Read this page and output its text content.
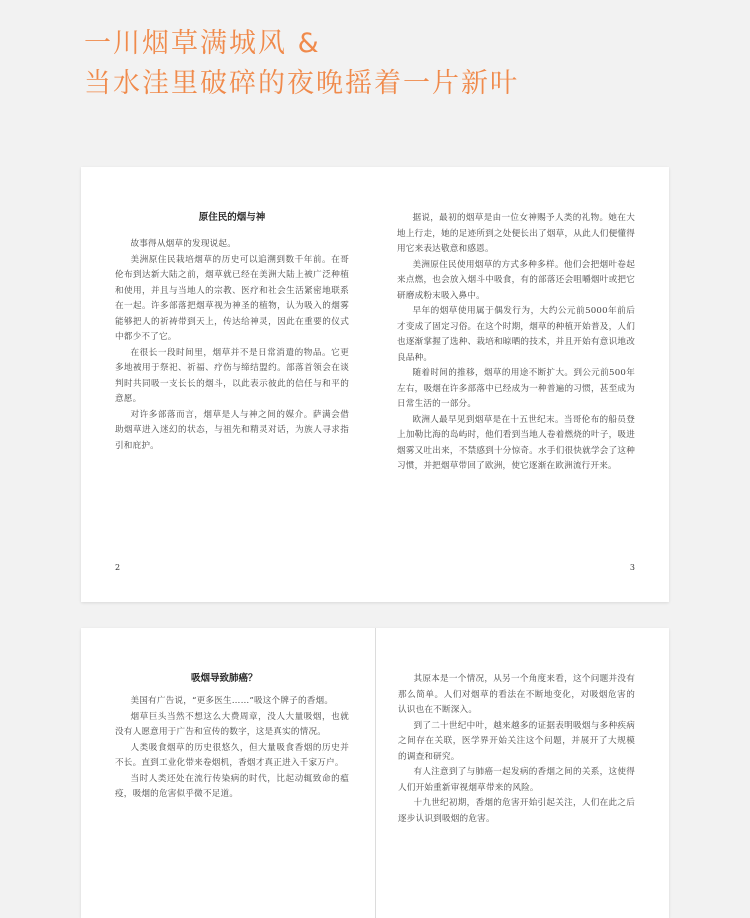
一川烟草满城风 &
当水洼里破碎的夜晚摇着一片新叶
原住民的烟与神

故事得从烟草的发现说起。

美洲原住民栽培烟草的历史可以追溯到数千年前。在哥伦布到达新大陆之前，烟草就已经在美洲大陆上被广泛种植和使用，并且与当地人的宗教、医疗和社会生活紧密地联系在一起。许多部落把烟草视为神圣的植物，认为吸入的烟雾能够把人的祈祷带到天上，传达给神灵，因此在重要的仪式中都少不了它。

在很长一段时间里，烟草并不是日常消遣的物品。它更多地被用于祭祀、祈福、疗伤与缔结盟约。部落首领会在谈判时共同吸一支长长的烟斗，以此表示彼此的信任与和平的意愿。

对许多部落而言，烟草是人与神之间的媒介。萨满会借助烟草进入迷幻的状态，与祖先和精灵对话，为族人寻求指引和庇护。

2

据说，最初的烟草是由一位女神赐予人类的礼物。她在大地上行走，她的足迹所到之处便长出了烟草，从此人们便懂得用它来表达敬意和感恩。

美洲原住民使用烟草的方式多种多样。他们会把烟叶卷起来点燃，也会放入烟斗中吸食，有的部落还会咀嚼烟叶或把它研磨成粉末吸入鼻中。

早年的烟草使用属于偶发行为，大约公元前5000年前后才变成了固定习俗。在这个时期，烟草的种植开始普及，人们也逐渐掌握了选种、栽培和晾晒的技术，并且开始有意识地改良品种。

随着时间的推移，烟草的用途不断扩大。到公元前500年左右，吸烟在许多部落中已经成为一种普遍的习惯，甚至成为日常生活的一部分。

欧洲人最早见到烟草是在十五世纪末。当哥伦布的船员登上加勒比海的岛屿时，他们看到当地人卷着燃烧的叶子，吸进烟雾又吐出来，不禁感到十分惊奇。水手们很快就学会了这种习惯，并把烟草带回了欧洲，使它逐渐在欧洲流行开来。

3
吸烟导致肺癌？

美国有广告说，“更多医生……”吸这个牌子的香烟。

烟草巨头当然不想这么大费周章，没人大量吸烟，也就没有人愿意用于广告和宣传的数字，这是真实的情况。

人类吸食烟草的历史很悠久，但大量吸食香烟的历史并不长。直到工业化带来卷烟机，香烟才真正进入千家万户。

当时人类还处在流行传染病的时代，比起动辄致命的瘟疫，吸烟的危害似乎微不足道。

其原本是一个情况，从另一个角度来看，这个问题并没有那么简单。人们对烟草的看法在不断地变化，对吸烟危害的认识也在不断深入。

到了二十世纪中叶，越来越多的证据表明吸烟与多种疾病之间存在关联，医学界开始关注这个问题，并展开了大规模的调查和研究。

有人注意到了与肺癌一起发病的香烟之间的关系，这使得人们开始重新审视烟草带来的风险。

十九世纪初期，香烟的危害开始引起关注，人们在此之后逐步认识到吸烟的危害。
